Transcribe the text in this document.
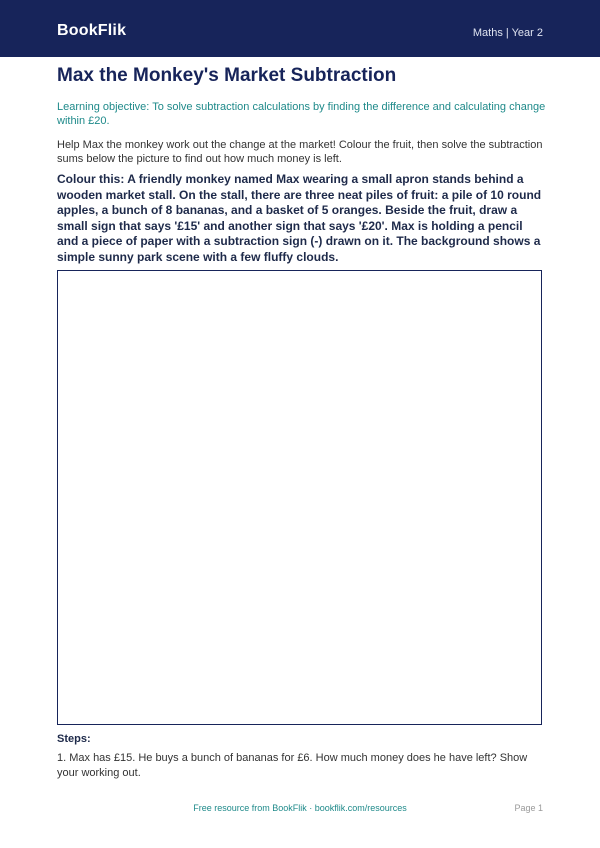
BookFlik	Maths | Year 2
Max the Monkey's Market Subtraction
Learning objective: To solve subtraction calculations by finding the difference and calculating change within £20.
Help Max the monkey work out the change at the market! Colour the fruit, then solve the subtraction sums below the picture to find out how much money is left.
Colour this: A friendly monkey named Max wearing a small apron stands behind a wooden market stall. On the stall, there are three neat piles of fruit: a pile of 10 round apples, a bunch of 8 bananas, and a basket of 5 oranges. Beside the fruit, draw a small sign that says '£15' and another sign that says '£20'. Max is holding a pencil and a piece of paper with a subtraction sign (-) drawn on it. The background shows a simple sunny park scene with a few fluffy clouds.
Steps:
1. Max has £15. He buys a bunch of bananas for £6. How much money does he have left? Show your working out.
Free resource from BookFlik · bookflik.com/resources	Page 1
